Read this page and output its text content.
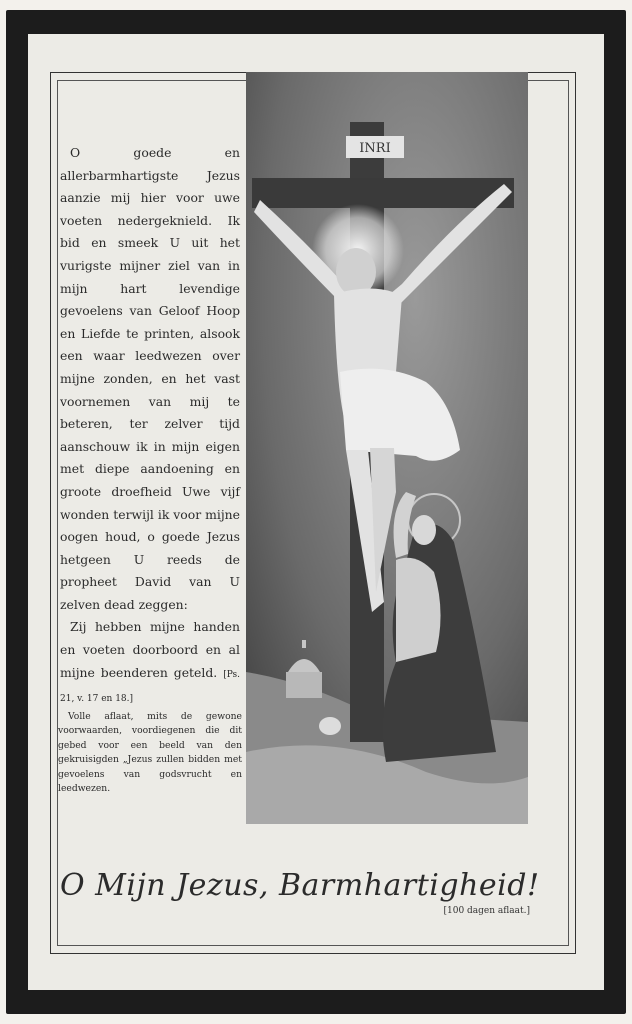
O goede en allerbarmhartigste Jezus aanzie mij hier voor uwe voeten nedergeknield. Ik bid en smeek U uit het vurigste mijner ziel van in mijn hart levendige gevoelens van Geloof Hoop en Liefde te printen, alsook een waar leedwezen over mijne zonden, en het vast voornemen van mij te beteren, ter zelver tijd aanschouw ik in mijn eigen met diepe aandoening en groote droefheid Uwe vijf wonden terwijl ik voor mijne oogen houd, o goede Jezus hetgeen U reeds de propheet David van U zelven dead zeggen:

Zij hebben mijne handen en voeten doorboord en al mijne beenderen geteld. [Ps. 21, v. 17 en 18.]

Volle aflaat, mits de gewone voorwaarden, voordiegenen die dit gebed voor een beeld van den gekruisigden „Jezus zullen bidden met gevoelens van godsvrucht en leedwezen.
INRI
O Mijn Jezus, Barmhartigheid!
[100 dagen aflaat.]
